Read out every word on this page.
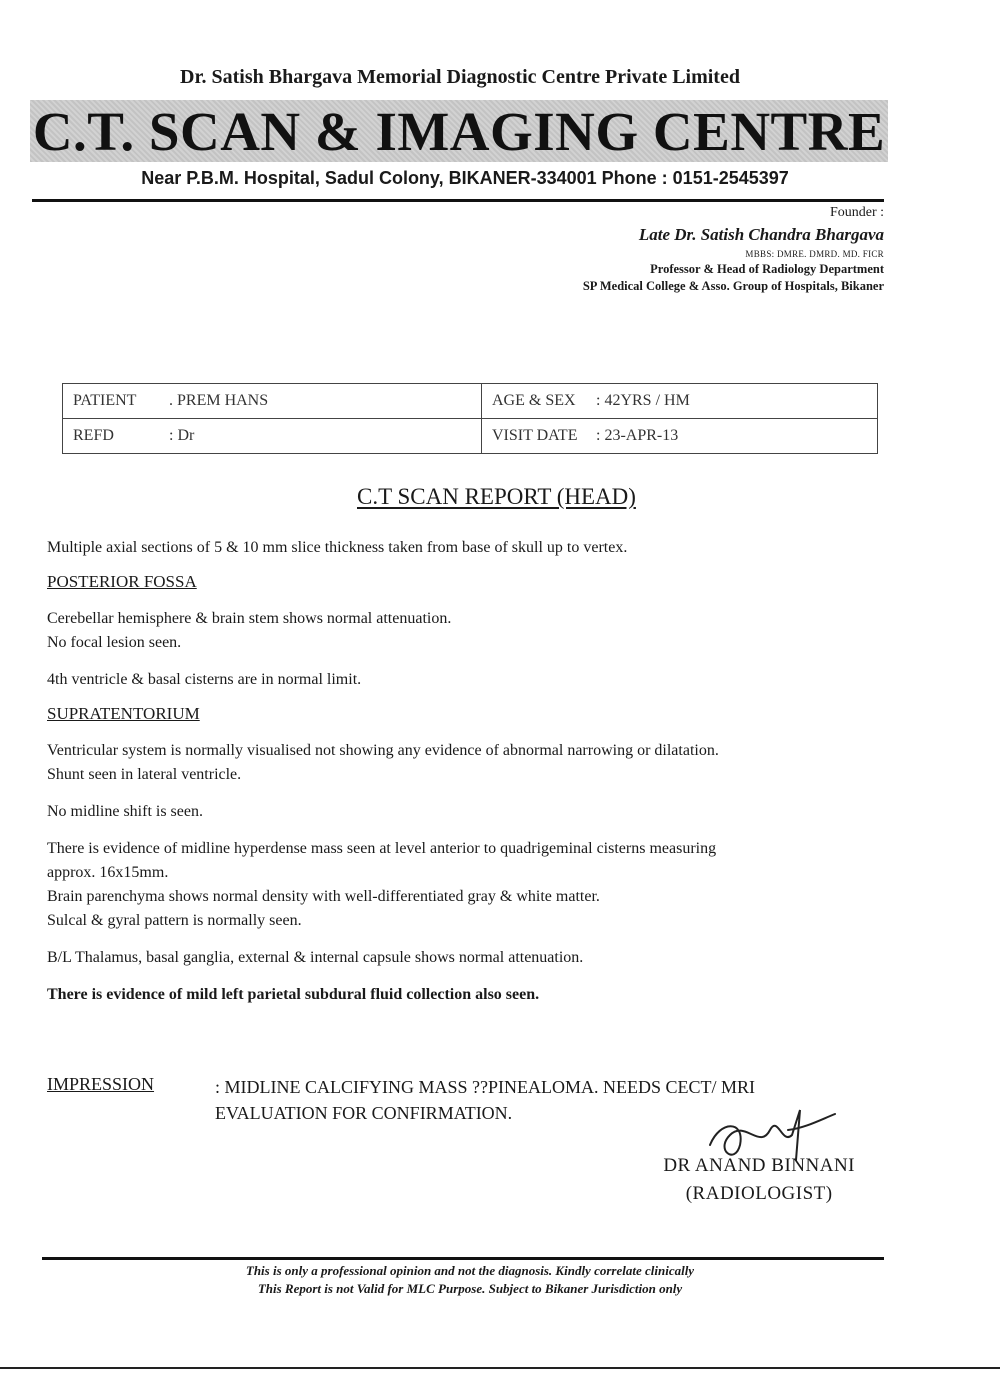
Dr. Satish Bhargava Memorial Diagnostic Centre Private Limited
C.T. SCAN & IMAGING CENTRE
Near P.B.M. Hospital, Sadul Colony, BIKANER-334001 Phone : 0151-2545397
Founder :
Late Dr. Satish Chandra Bhargava
MBBS: DMRE. DMRD. MD. FICR
Professor & Head of Radiology Department
SP Medical College & Asso. Group of Hospitals, Bikaner
PATIENT . PREM HANS	AGE & SEX : 42YRS / HM
REFD : Dr	VISIT DATE : 23-APR-13
C.T SCAN REPORT (HEAD)

Multiple axial sections of 5 & 10 mm slice thickness taken from base of skull up to vertex.

POSTERIOR FOSSA

Cerebellar hemisphere & brain stem shows normal attenuation.

No focal lesion seen.

4th ventricle & basal cisterns are in normal limit.

SUPRATENTORIUM

Ventricular system is normally visualised not showing any evidence of abnormal narrowing or dilatation.

Shunt seen in lateral ventricle.

No midline shift is seen.

There is evidence of midline hyperdense mass seen at level anterior to quadrigeminal cisterns measuring

approx. 16x15mm.

Brain parenchyma shows normal density with well-differentiated gray & white matter.

Sulcal & gyral pattern is normally seen.

B/L Thalamus, basal ganglia, external & internal capsule shows normal attenuation.

There is evidence of mild left parietal subdural fluid collection also seen.

IMPRESSION	: MIDLINE CALCIFYING MASS ??PINEALOMA. NEEDS CECT/ MRI EVALUATION FOR CONFIRMATION.
DR ANAND BINNANI
(RADIOLOGIST)
This is only a professional opinion and not the diagnosis. Kindly correlate clinically
This Report is not Valid for MLC Purpose. Subject to Bikaner Jurisdiction only
